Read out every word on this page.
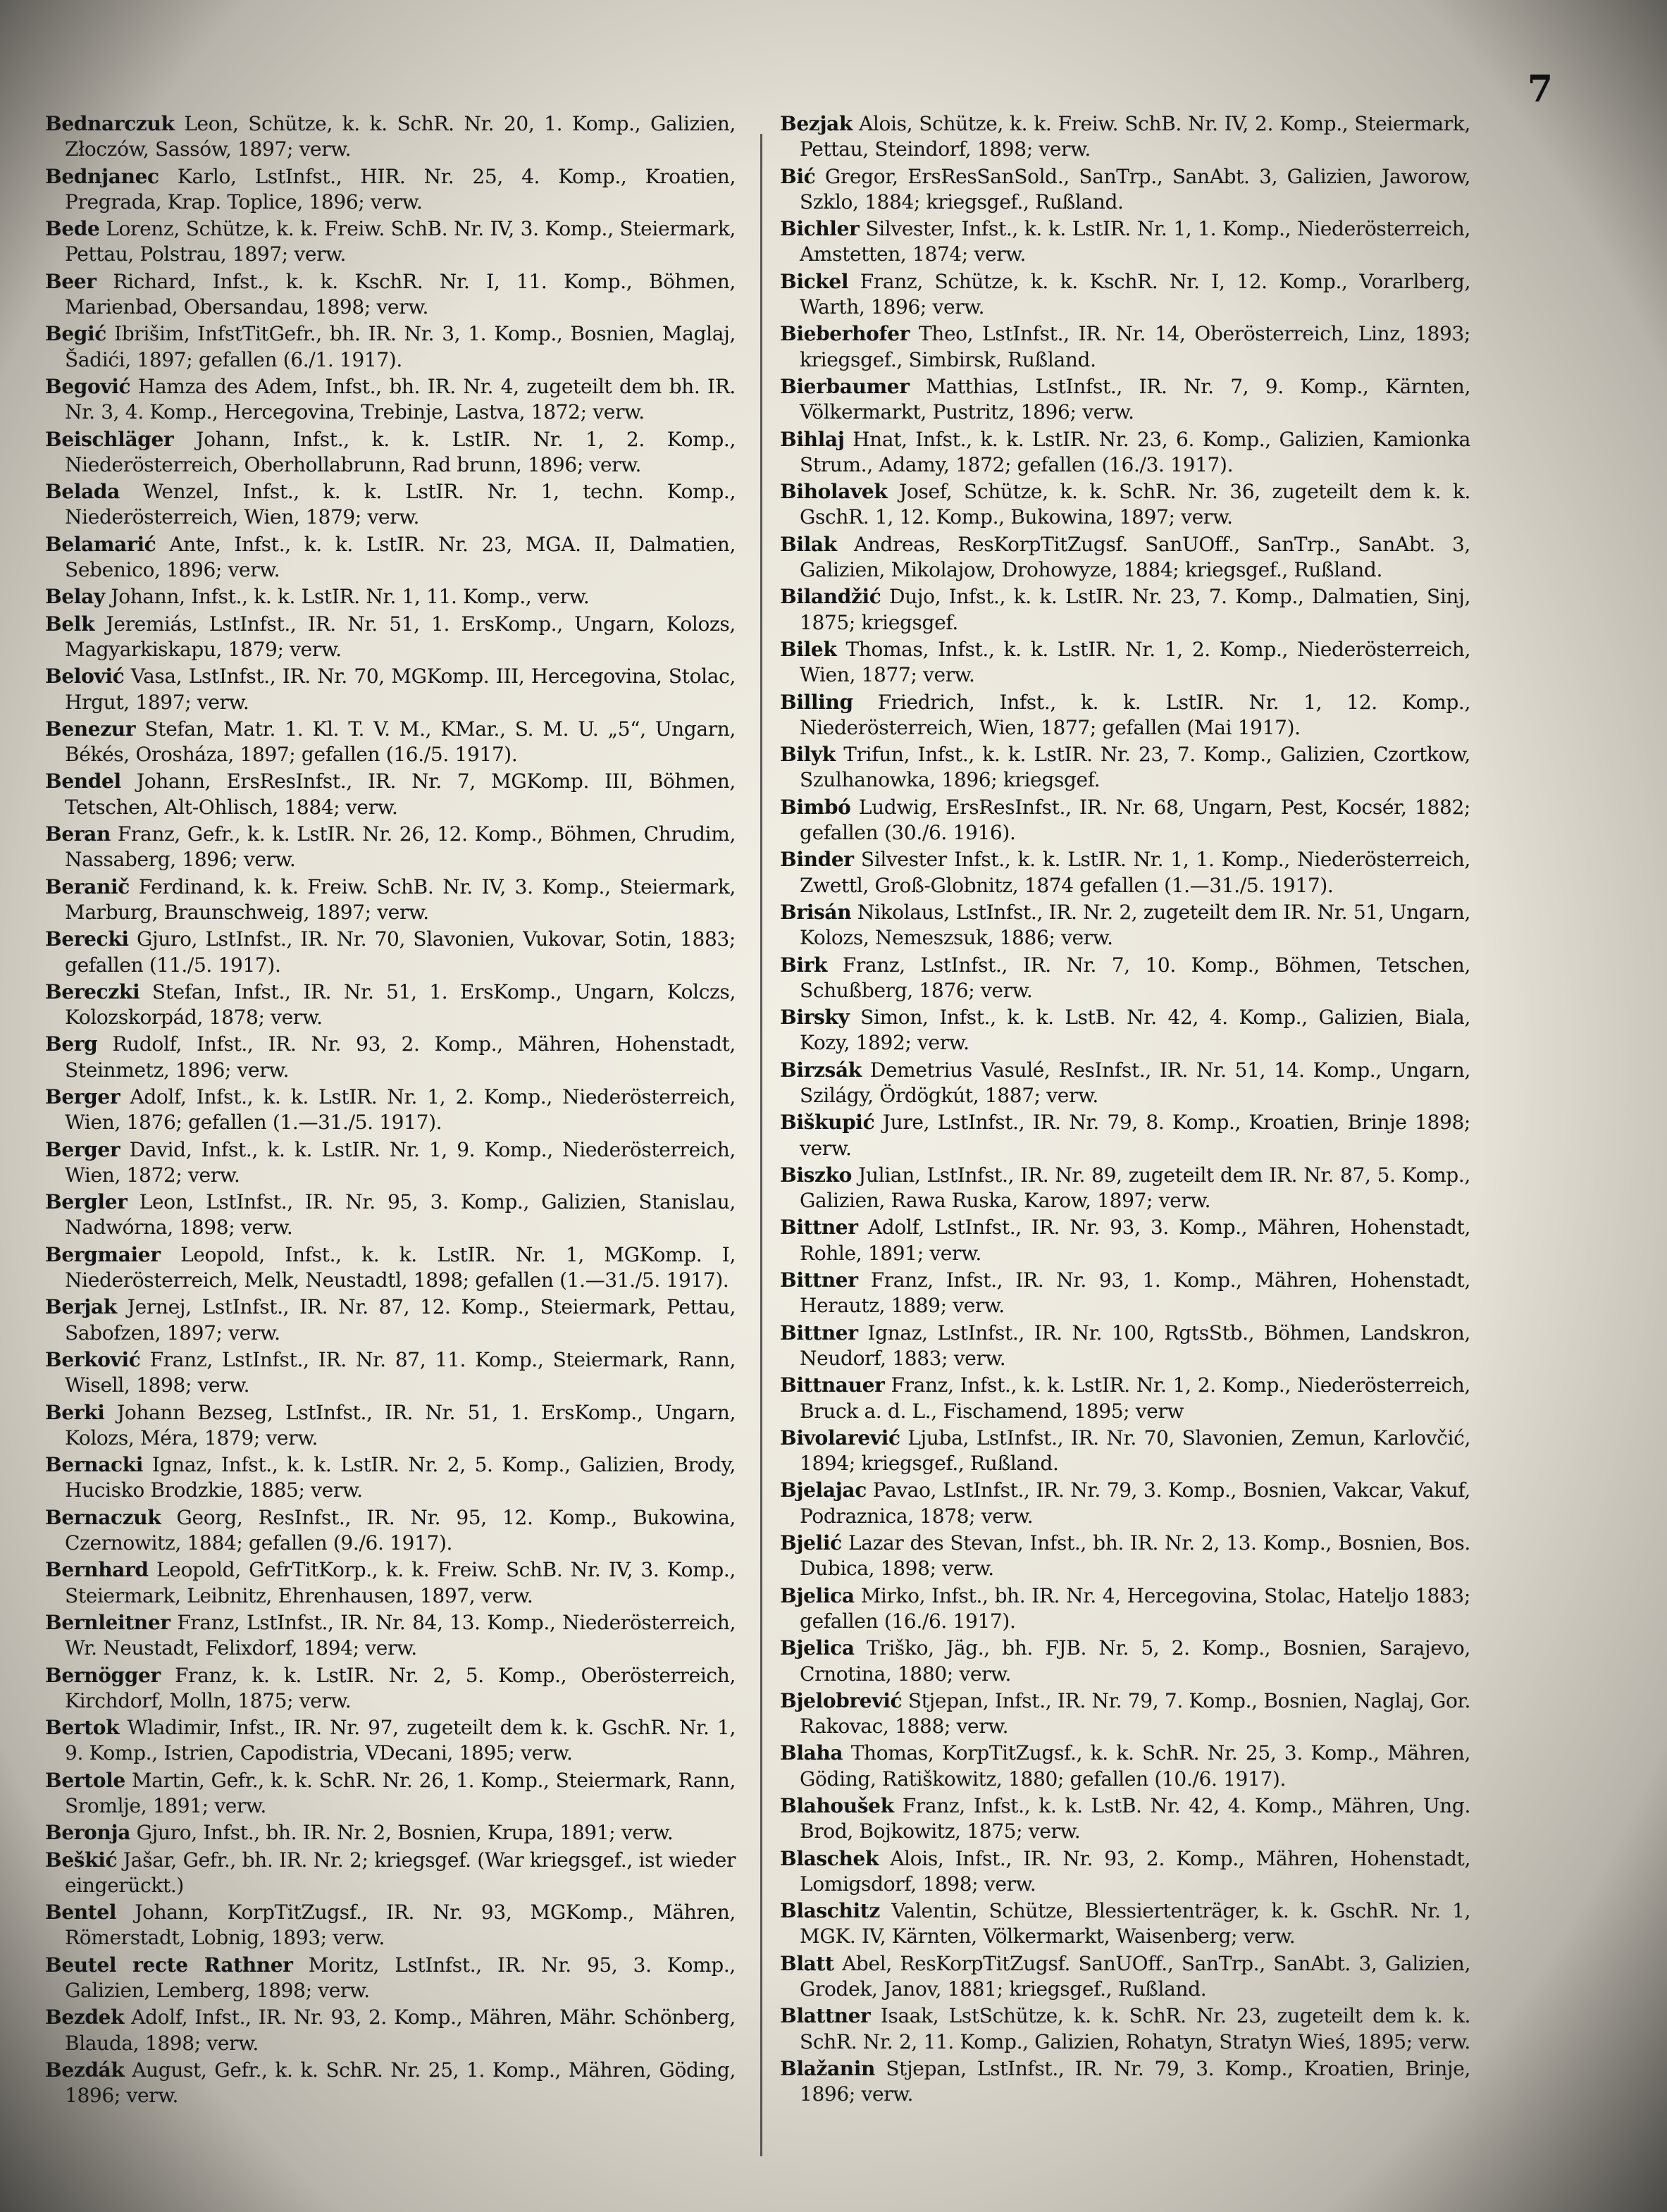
7

Bednarczuk Leon, Schütze, k. k. SchR. Nr. 20, 1. Komp., Galizien, Złoczów, Sassów, 1897; verw.

Bednjanec Karlo, LstInfst., HIR. Nr. 25, 4. Komp., Kroatien, Pregrada, Krap. Toplice, 1896; verw.

Bede Lorenz, Schütze, k. k. Freiw. SchB. Nr. IV, 3. Komp., Steiermark, Pettau, Polstrau, 1897; verw.

Beer Richard, Infst., k. k. KschR. Nr. I, 11. Komp., Böhmen, Marienbad, Obersandau, 1898; verw.

Begić Ibrišim, InfstTitGefr., bh. IR. Nr. 3, 1. Komp., Bosnien, Maglaj, Šadići, 1897; gefallen (6./1. 1917).

Begović Hamza des Adem, Infst., bh. IR. Nr. 4, zugeteilt dem bh. IR. Nr. 3, 4. Komp., Hercegovina, Trebinje, Lastva, 1872; verw.

Beischläger Johann, Infst., k. k. LstIR. Nr. 1, 2. Komp., Niederösterreich, Oberhollabrunn, Rad brunn, 1896; verw.

Belada Wenzel, Infst., k. k. LstIR. Nr. 1, techn. Komp., Niederösterreich, Wien, 1879; verw.

Belamarić Ante, Infst., k. k. LstIR. Nr. 23, MGA. II, Dalmatien, Sebenico, 1896; verw.

Belay Johann, Infst., k. k. LstIR. Nr. 1, 11. Komp., verw.

Belk Jeremiás, LstInfst., IR. Nr. 51, 1. ErsKomp., Ungarn, Kolozs, Magyarkiskapu, 1879; verw.

Belović Vasa, LstInfst., IR. Nr. 70, MGKomp. III, Hercegovina, Stolac, Hrgut, 1897; verw.

Benezur Stefan, Matr. 1. Kl. T. V. M., KMar., S. M. U. „5“, Ungarn, Békés, Orosháza, 1897; gefallen (16./5. 1917).

Bendel Johann, ErsResInfst., IR. Nr. 7, MGKomp. III, Böhmen, Tetschen, Alt-Ohlisch, 1884; verw.

Beran Franz, Gefr., k. k. LstIR. Nr. 26, 12. Komp., Böhmen, Chrudim, Nassaberg, 1896; verw.

Beranič Ferdinand, k. k. Freiw. SchB. Nr. IV, 3. Komp., Steiermark, Marburg, Braunschweig, 1897; verw.

Berecki Gjuro, LstInfst., IR. Nr. 70, Slavonien, Vukovar, Sotin, 1883; gefallen (11./5. 1917).

Bereczki Stefan, Infst., IR. Nr. 51, 1. ErsKomp., Ungarn, Kolczs, Kolozskorpád, 1878; verw.

Berg Rudolf, Infst., IR. Nr. 93, 2. Komp., Mähren, Hohenstadt, Steinmetz, 1896; verw.

Berger Adolf, Infst., k. k. LstIR. Nr. 1, 2. Komp., Niederösterreich, Wien, 1876; gefallen (1.—31./5. 1917).

Berger David, Infst., k. k. LstIR. Nr. 1, 9. Komp., Niederösterreich, Wien, 1872; verw.

Bergler Leon, LstInfst., IR. Nr. 95, 3. Komp., Galizien, Stanislau, Nadwórna, 1898; verw.

Bergmaier Leopold, Infst., k. k. LstIR. Nr. 1, MGKomp. I, Niederösterreich, Melk, Neustadtl, 1898; gefallen (1.—31./5. 1917).

Berjak Jernej, LstInfst., IR. Nr. 87, 12. Komp., Steiermark, Pettau, Sabofzen, 1897; verw.

Berković Franz, LstInfst., IR. Nr. 87, 11. Komp., Steiermark, Rann, Wisell, 1898; verw.

Berki Johann Bezseg, LstInfst., IR. Nr. 51, 1. ErsKomp., Ungarn, Kolozs, Méra, 1879; verw.

Bernacki Ignaz, Infst., k. k. LstIR. Nr. 2, 5. Komp., Galizien, Brody, Hucisko Brodzkie, 1885; verw.

Bernaczuk Georg, ResInfst., IR. Nr. 95, 12. Komp., Bukowina, Czernowitz, 1884; gefallen (9./6. 1917).

Bernhard Leopold, GefrTitKorp., k. k. Freiw. SchB. Nr. IV, 3. Komp., Steiermark, Leibnitz, Ehrenhausen, 1897, verw.

Bernleitner Franz, LstInfst., IR. Nr. 84, 13. Komp., Niederösterreich, Wr. Neustadt, Felixdorf, 1894; verw.

Bernögger Franz, k. k. LstIR. Nr. 2, 5. Komp., Oberösterreich, Kirchdorf, Molln, 1875; verw.

Bertok Wladimir, Infst., IR. Nr. 97, zugeteilt dem k. k. GschR. Nr. 1, 9. Komp., Istrien, Capodistria, VDecani, 1895; verw.

Bertole Martin, Gefr., k. k. SchR. Nr. 26, 1. Komp., Steiermark, Rann, Sromlje, 1891; verw.

Beronja Gjuro, Infst., bh. IR. Nr. 2, Bosnien, Krupa, 1891; verw.

Beškić Jašar, Gefr., bh. IR. Nr. 2; kriegsgef. (War kriegsgef., ist wieder eingerückt.)

Bentel Johann, KorpTitZugsf., IR. Nr. 93, MGKomp., Mähren, Römerstadt, Lobnig, 1893; verw.

Beutel recte Rathner Moritz, LstInfst., IR. Nr. 95, 3. Komp., Galizien, Lemberg, 1898; verw.

Bezdek Adolf, Infst., IR. Nr. 93, 2. Komp., Mähren, Mähr. Schönberg, Blauda, 1898; verw.

Bezdák August, Gefr., k. k. SchR. Nr. 25, 1. Komp., Mähren, Göding, 1896; verw.

Bezjak Alois, Schütze, k. k. Freiw. SchB. Nr. IV, 2. Komp., Steiermark, Pettau, Steindorf, 1898; verw.

Bić Gregor, ErsResSanSold., SanTrp., SanAbt. 3, Galizien, Jaworow, Szklo, 1884; kriegsgef., Rußland.

Bichler Silvester, Infst., k. k. LstIR. Nr. 1, 1. Komp., Niederösterreich, Amstetten, 1874; verw.

Bickel Franz, Schütze, k. k. KschR. Nr. I, 12. Komp., Vorarlberg, Warth, 1896; verw.

Bieberhofer Theo, LstInfst., IR. Nr. 14, Oberösterreich, Linz, 1893; kriegsgef., Simbirsk, Rußland.

Bierbaumer Matthias, LstInfst., IR. Nr. 7, 9. Komp., Kärnten, Völkermarkt, Pustritz, 1896; verw.

Bihlaj Hnat, Infst., k. k. LstIR. Nr. 23, 6. Komp., Galizien, Kamionka Strum., Adamy, 1872; gefallen (16./3. 1917).

Biholavek Josef, Schütze, k. k. SchR. Nr. 36, zugeteilt dem k. k. GschR. 1, 12. Komp., Bukowina, 1897; verw.

Bilak Andreas, ResKorpTitZugsf. SanUOff., SanTrp., SanAbt. 3, Galizien, Mikolajow, Drohowyze, 1884; kriegsgef., Rußland.

Bilandžić Dujo, Infst., k. k. LstIR. Nr. 23, 7. Komp., Dalmatien, Sinj, 1875; kriegsgef.

Bilek Thomas, Infst., k. k. LstIR. Nr. 1, 2. Komp., Niederösterreich, Wien, 1877; verw.

Billing Friedrich, Infst., k. k. LstIR. Nr. 1, 12. Komp., Niederösterreich, Wien, 1877; gefallen (Mai 1917).

Bilyk Trifun, Infst., k. k. LstIR. Nr. 23, 7. Komp., Galizien, Czortkow, Szulhanowka, 1896; kriegsgef.

Bimbó Ludwig, ErsResInfst., IR. Nr. 68, Ungarn, Pest, Kocsér, 1882; gefallen (30./6. 1916).

Binder Silvester Infst., k. k. LstIR. Nr. 1, 1. Komp., Niederösterreich, Zwettl, Groß-Globnitz, 1874 gefallen (1.—31./5. 1917).

Brisán Nikolaus, LstInfst., IR. Nr. 2, zugeteilt dem IR. Nr. 51, Ungarn, Kolozs, Nemeszsuk, 1886; verw.

Birk Franz, LstInfst., IR. Nr. 7, 10. Komp., Böhmen, Tetschen, Schußberg, 1876; verw.

Birsky Simon, Infst., k. k. LstB. Nr. 42, 4. Komp., Galizien, Biala, Kozy, 1892; verw.

Birzsák Demetrius Vasulé, ResInfst., IR. Nr. 51, 14. Komp., Ungarn, Szilágy, Ördögkút, 1887; verw.

Biškupić Jure, LstInfst., IR. Nr. 79, 8. Komp., Kroatien, Brinje 1898; verw.

Biszko Julian, LstInfst., IR. Nr. 89, zugeteilt dem IR. Nr. 87, 5. Komp., Galizien, Rawa Ruska, Karow, 1897; verw.

Bittner Adolf, LstInfst., IR. Nr. 93, 3. Komp., Mähren, Hohenstadt, Rohle, 1891; verw.

Bittner Franz, Infst., IR. Nr. 93, 1. Komp., Mähren, Hohenstadt, Herautz, 1889; verw.

Bittner Ignaz, LstInfst., IR. Nr. 100, RgtsStb., Böhmen, Landskron, Neudorf, 1883; verw.

Bittnauer Franz, Infst., k. k. LstIR. Nr. 1, 2. Komp., Niederösterreich, Bruck a. d. L., Fischamend, 1895; verw

Bivolarević Ljuba, LstInfst., IR. Nr. 70, Slavonien, Zemun, Karlovčić, 1894; kriegsgef., Rußland.

Bjelajac Pavao, LstInfst., IR. Nr. 79, 3. Komp., Bosnien, Vakcar, Vakuf, Podraznica, 1878; verw.

Bjelić Lazar des Stevan, Infst., bh. IR. Nr. 2, 13. Komp., Bosnien, Bos. Dubica, 1898; verw.

Bjelica Mirko, Infst., bh. IR. Nr. 4, Hercegovina, Stolac, Hateljo 1883; gefallen (16./6. 1917).

Bjelica Triško, Jäg., bh. FJB. Nr. 5, 2. Komp., Bosnien, Sarajevo, Crnotina, 1880; verw.

Bjelobrević Stjepan, Infst., IR. Nr. 79, 7. Komp., Bosnien, Naglaj, Gor. Rakovac, 1888; verw.

Blaha Thomas, KorpTitZugsf., k. k. SchR. Nr. 25, 3. Komp., Mähren, Göding, Ratiškowitz, 1880; gefallen (10./6. 1917).

Blahoušek Franz, Infst., k. k. LstB. Nr. 42, 4. Komp., Mähren, Ung. Brod, Bojkowitz, 1875; verw.

Blaschek Alois, Infst., IR. Nr. 93, 2. Komp., Mähren, Hohenstadt, Lomigsdorf, 1898; verw.

Blaschitz Valentin, Schütze, Blessiertenträger, k. k. GschR. Nr. 1, MGK. IV, Kärnten, Völkermarkt, Waisenberg; verw.

Blatt Abel, ResKorpTitZugsf. SanUOff., SanTrp., SanAbt. 3, Galizien, Grodek, Janov, 1881; kriegsgef., Rußland.

Blattner Isaak, LstSchütze, k. k. SchR. Nr. 23, zugeteilt dem k. k. SchR. Nr. 2, 11. Komp., Galizien, Rohatyn, Stratyn Wieś, 1895; verw.

Blažanin Stjepan, LstInfst., IR. Nr. 79, 3. Komp., Kroatien, Brinje, 1896; verw.
